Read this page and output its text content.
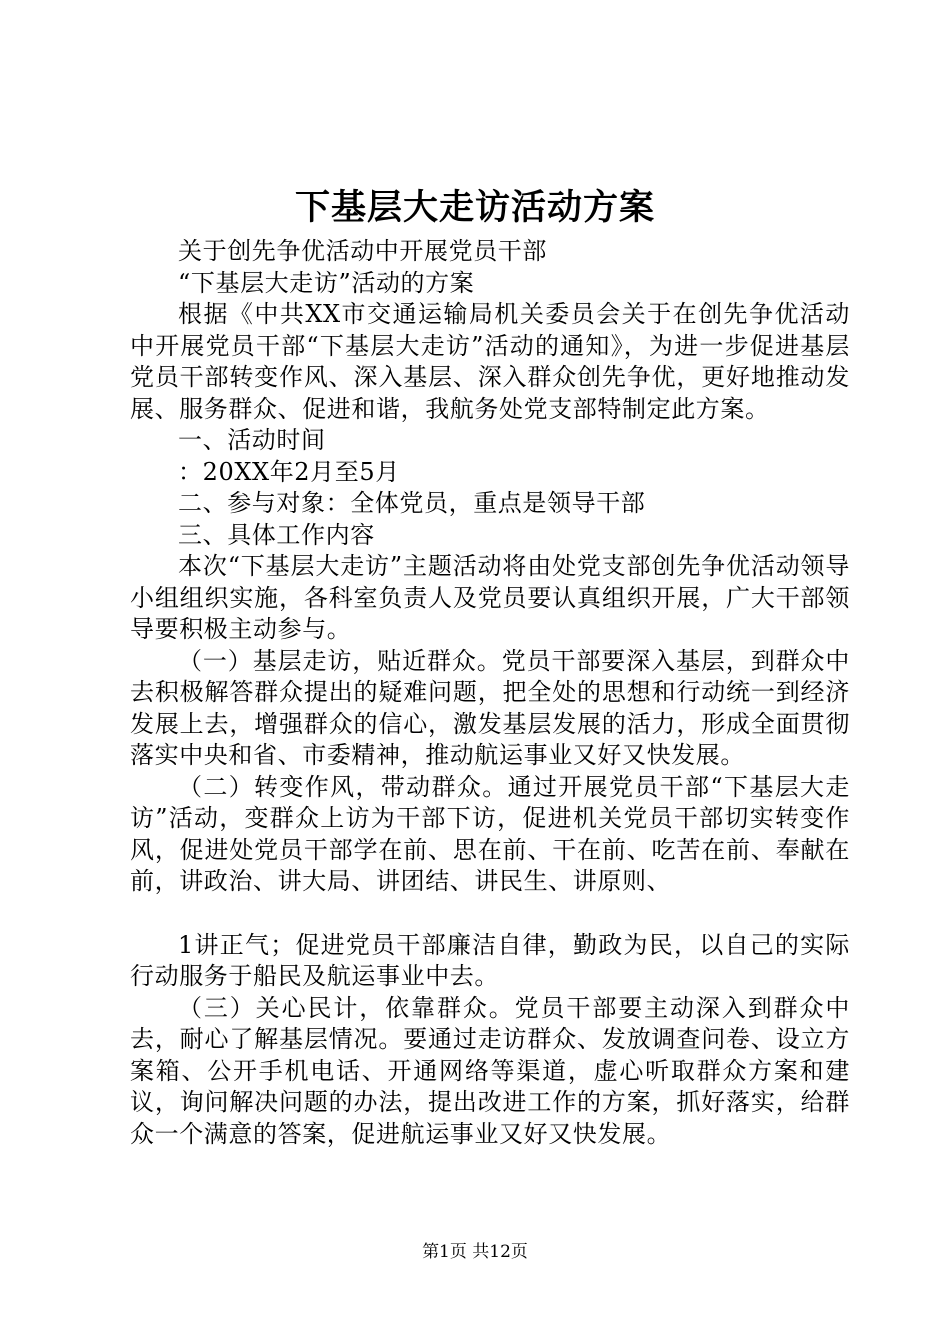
下基层大走访活动方案

关于创先争优活动中开展党员干部

“下基层大走访”活动的方案

根据《中共XX市交通运输局机关委员会关于在创先争优活动中开展党员干部“下基层大走访”活动的通知》，为进一步促进基层党员干部转变作风、深入基层、深入群众创先争优，更好地推动发展、服务群众、促进和谐，我航务处党支部特制定此方案。

一、活动时间

：20XX年2月至5月

二、参与对象：全体党员，重点是领导干部

三、具体工作内容

本次“下基层大走访”主题活动将由处党支部创先争优活动领导小组组织实施，各科室负责人及党员要认真组织开展，广大干部领导要积极主动参与。

（一）基层走访，贴近群众。党员干部要深入基层，到群众中去积极解答群众提出的疑难问题，把全处的思想和行动统一到经济发展上去，增强群众的信心，激发基层发展的活力，形成全面贯彻落实中央和省、市委精神，推动航运事业又好又快发展。

（二）转变作风，带动群众。通过开展党员干部“下基层大走访”活动，变群众上访为干部下访，促进机关党员干部切实转变作风，促进处党员干部学在前、思在前、干在前、吃苦在前、奉献在前，讲政治、讲大局、讲团结、讲民生、讲原则、

1讲正气；促进党员干部廉洁自律，勤政为民，以自己的实际行动服务于船民及航运事业中去。

（三）关心民计，依靠群众。党员干部要主动深入到群众中去，耐心了解基层情况。要通过走访群众、发放调查问卷、设立方案箱、公开手机电话、开通网络等渠道，虚心听取群众方案和建议，询问解决问题的办法，提出改进工作的方案，抓好落实，给群众一个满意的答案，促进航运事业又好又快发展。

第1页 共12页
